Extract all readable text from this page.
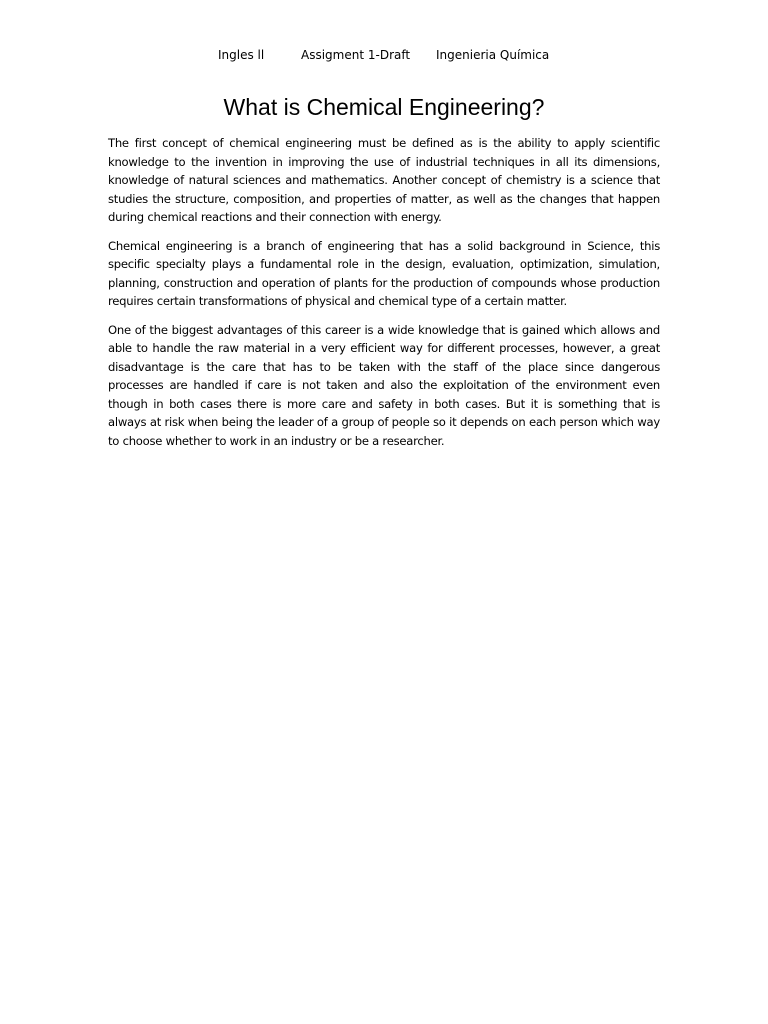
Ingles ll	Assigment 1-Draft Ingenieria Química
What is Chemical Engineering?

The first concept of chemical engineering must be defined as is the ability to apply scientific knowledge to the invention in improving the use of industrial techniques in all its dimensions, knowledge of natural sciences and mathematics. Another concept of chemistry is a science that studies the structure, composition, and properties of matter, as well as the changes that happen during chemical reactions and their connection with energy.

Chemical engineering is a branch of engineering that has a solid background in Science, this specific specialty plays a fundamental role in the design, evaluation, optimization, simulation, planning, construction and operation of plants for the production of compounds whose production requires certain transformations of physical and chemical type of a certain matter.

One of the biggest advantages of this career is a wide knowledge that is gained which allows and able to handle the raw material in a very efficient way for different processes, however, a great disadvantage is the care that has to be taken with the staff of the place since dangerous processes are handled if care is not taken and also the exploitation of the environment even though in both cases there is more care and safety in both cases. But it is something that is always at risk when being the leader of a group of people so it depends on each person which way to choose whether to work in an industry or be a researcher.
